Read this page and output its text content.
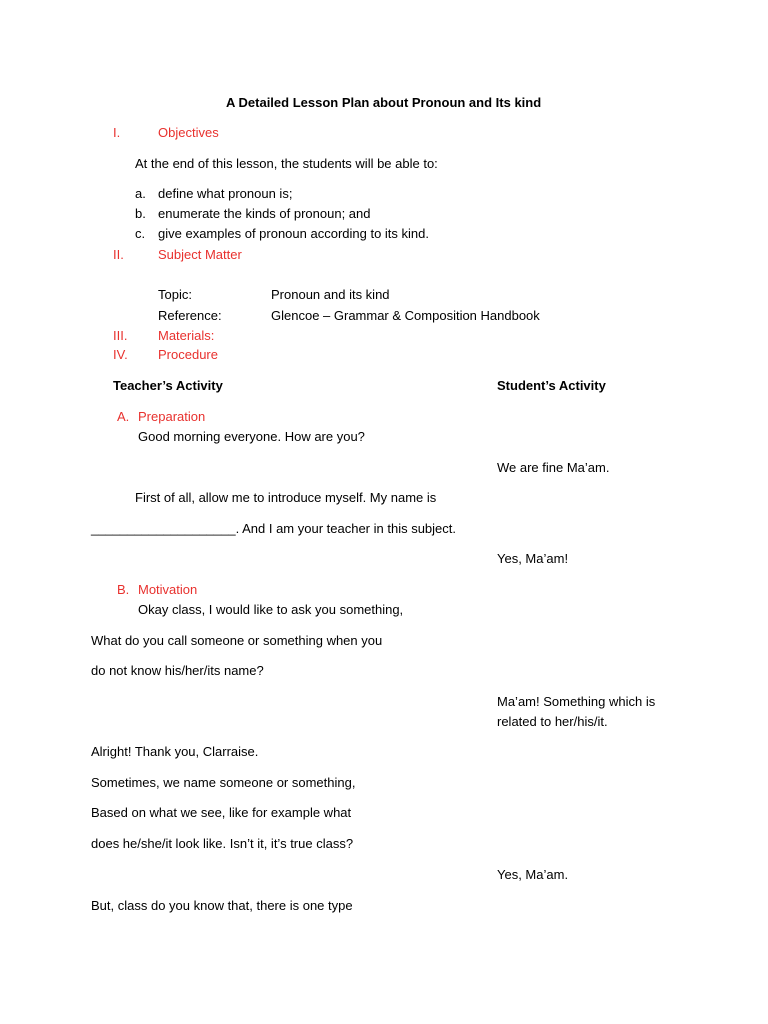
A Detailed Lesson Plan about Pronoun and Its kind
I.	Objectives
At the end of this lesson, the students will be able to:
a. define what pronoun is;
b. enumerate the kinds of pronoun; and
c. give examples of pronoun according to its kind.
II.	Subject Matter
Topic:	Pronoun and its kind
Reference:	Glencoe – Grammar & Composition Handbook
III. Materials:
IV. Procedure
Teacher’s Activity	Student’s Activity
A. Preparation
Good morning everyone. How are you?
We are fine Ma’am.
First of all, allow me to introduce myself. My name is
____________________. And I am your teacher in this subject.
Yes, Ma’am!
B. Motivation
Okay class, I would like to ask you something,
What do you call someone or something when you
do not know his/her/its name?
Ma’am! Something which is
related to her/his/it.
Alright! Thank you, Clarraise.
Sometimes, we name someone or something,
Based on what we see, like for example what
does he/she/it look like. Isn’t it, it’s true class?
Yes, Ma’am.
But, class do you know that, there is one type
